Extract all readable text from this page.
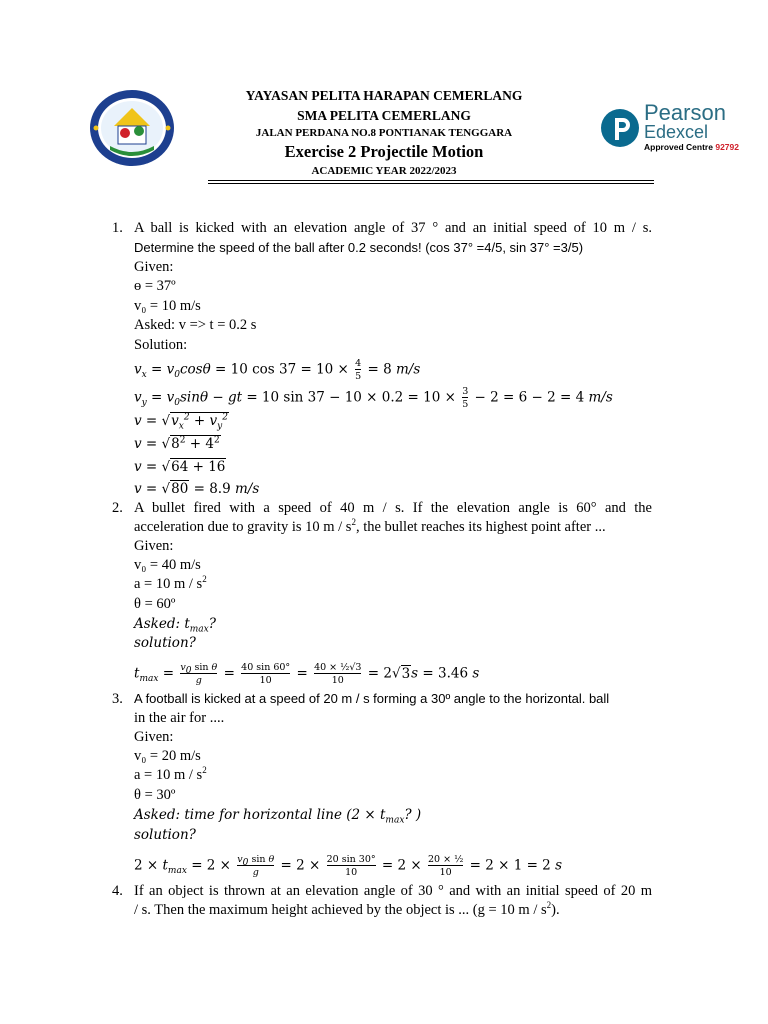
YAYASAN PELITA HARAPAN CEMERLANG
SMA PELITA CEMERLANG
JALAN PERDANA NO.8 PONTIANAK TENGGARA
Exercise 2 Projectile Motion
ACADEMIC YEAR 2022/2023
Pearson
Edexcel
Approved Centre 92792
1. A ball is kicked with an elevation angle of 37 ° and an initial speed of 10 m / s.
Determine the speed of the ball after 0.2 seconds! (cos 37° =4/5, sin 37° =3/5)
Given:
ɵ = 37º
v₀ = 10 m/s
Asked: v => t = 0.2 s
Solution:
$v_x = v_0\cos\theta = 10$ $\cos 37 = 10 \times \frac{4}{5} = 8$ m/s
$v_y = v_0\sin\theta$ − gt = 10 $\sin 37 - 10 \times 0.2 = 10 \times \frac{3}{5} - 2 = 6 - 2 = 4$ m/s
$v = √v_x^2 + v_y^2$
$v = √8^2 + 4^2$
v = √64 + 16
v = √80 = 8.9 m/s
2. A bullet fired with a speed of 40 m / s. If the elevation angle is 60° and the
acceleration due to gravity is 10 m / $s^2$, the bullet reaches its highest point after ...
Given:
v₀ = 40 m/s
a = 10 m / $s^2$
θ = 60º
Asked: $t_{max}$?
solution?
$t_{max} = \frac{v_0 \sin \theta}{g} = \frac{40 \sin 60^\circ}{10} = \frac{\text{40 × ½√3}}{10} = 2√3s = 3.46$ s
3. A football is kicked at a speed of 20 m / s forming a 30º angle to the horizontal. ball
in the air for ....
Given:
v₀ = 20 m/s
a = 10 m / $s^2$
θ = 30º
Asked: time for horizontal line ($2 \times t_{max}$? )
solution?
$2 \times t_{max} = 2 \times \frac{v_0 \sin \theta}{g} = 2 \times \frac{20 \sin 30^\circ}{10} = 2 \times \frac{\text{20 × ½}}{10} = 2 \times 1 = 2$ s
4. If an object is thrown at an elevation angle of 30 ° and with an initial speed of 20 m
/ s. Then the maximum height achieved by the object is ... (g = 10 m / $s^2$).
